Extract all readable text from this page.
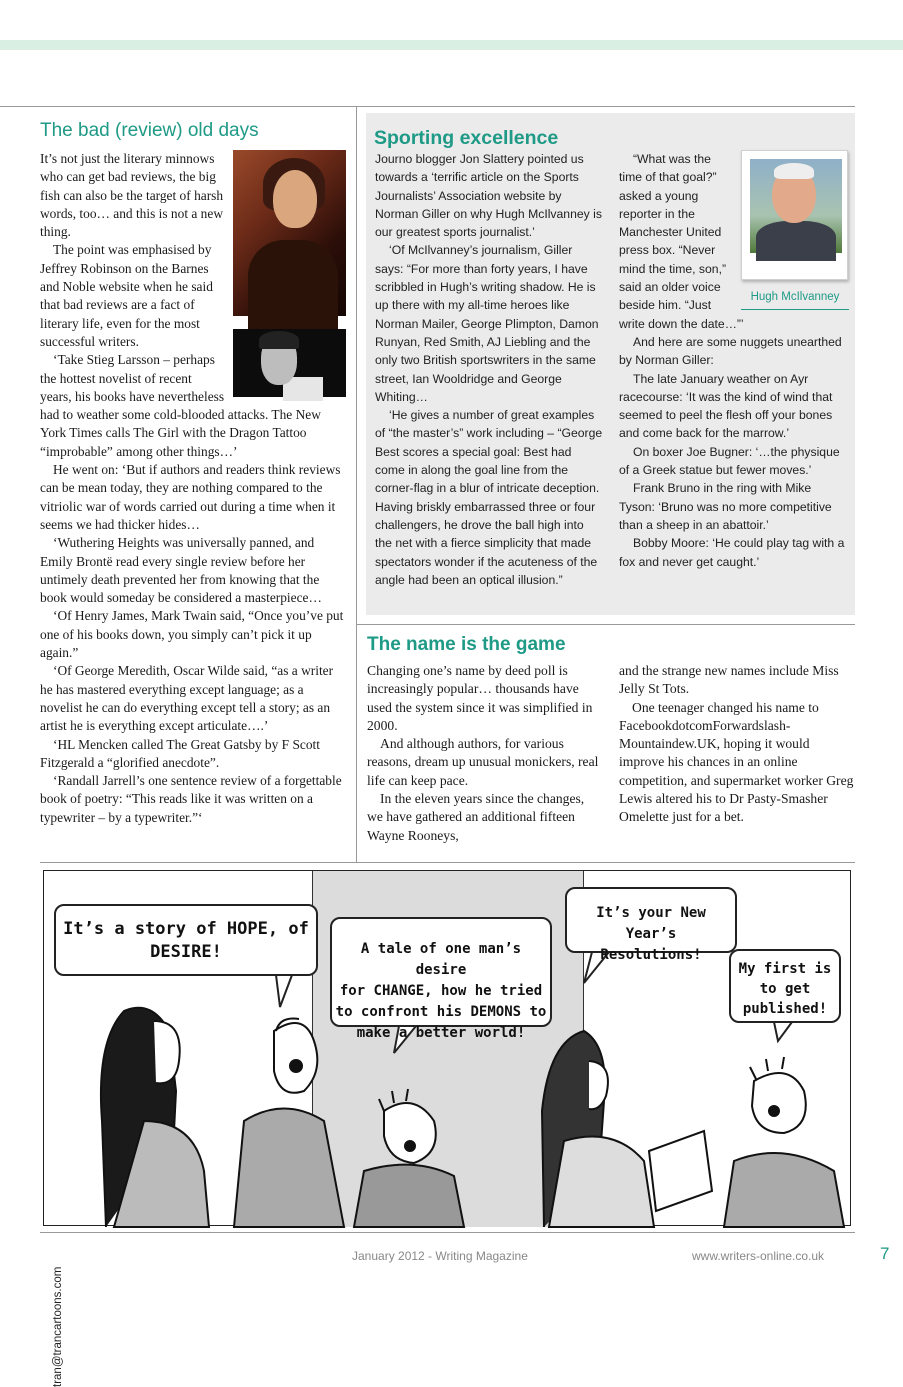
The bad (review) old days

It’s not just the literary minnows who can get bad reviews, the big fish can also be the target of harsh words, too… and this is not a new thing.

The point was emphasised by Jeffrey Robinson on the Barnes and Noble website when he said that bad reviews are a fact of literary life, even for the most successful writers.

‘Take Stieg Larsson – perhaps the hottest novelist of recent years, his books have nevertheless had to weather some cold-blooded attacks. The New York Times calls The Girl with the Dragon Tattoo “improbable” among other things…’

He went on: ‘But if authors and readers think reviews can be mean today, they are nothing compared to the vitriolic war of words carried out during a time when it seems we had thicker hides…

‘Wuthering Heights was universally panned, and Emily Brontë read every single review before her untimely death prevented her from knowing that the book would someday be considered a masterpiece…

‘Of Henry James, Mark Twain said, “Once you’ve put one of his books down, you simply can’t pick it up again.”

‘Of George Meredith, Oscar Wilde said, “as a writer he has mastered everything except language; as a novelist he can do everything except tell a story; as an artist he is everything except articulate….’

‘HL Mencken called The Great Gatsby by F Scott Fitzgerald a “glorified anecdote”.

‘Randall Jarrell’s one sentence review of a forgettable book of poetry: “This reads like it was written on a typewriter – by a typewriter.”‘

Sporting excellence

Journo blogger Jon Slattery pointed us towards a ‘terrific article on the Sports Journalists’ Association website by Norman Giller on why Hugh McIlvanney is our greatest sports journalist.’

‘Of McIlvanney’s journalism, Giller says: “For more than forty years, I have scribbled in Hugh’s writing shadow. He is up there with my all-time heroes like Norman Mailer, George Plimpton, Damon Runyan, Red Smith, AJ Liebling and the only two British sportswriters in the same street, Ian Wooldridge and George Whiting…

‘He gives a number of great examples of “the master’s” work including – “George Best scores a special goal: Best had come in along the goal line from the corner-flag in a blur of intricate deception. Having briskly embarrassed three or four challengers, he drove the ball high into the net with a fierce simplicity that made spectators wonder if the acuteness of the angle had been an optical illusion.”

Hugh McIlvanney

“What was the time of that goal?” asked a young reporter in the Manchester United press box. “Never mind the time, son,” said an older voice beside him. “Just write down the date…”’

And here are some nuggets unearthed by Norman Giller:

The late January weather on Ayr racecourse: ‘It was the kind of wind that seemed to peel the flesh off your bones and come back for the marrow.’

On boxer Joe Bugner: ‘…the physique of a Greek statue but fewer moves.’

Frank Bruno in the ring with Mike Tyson: ‘Bruno was no more competitive than a sheep in an abattoir.’

Bobby Moore: ‘He could play tag with a fox and never get caught.’

The name is the game

Changing one’s name by deed poll is increasingly popular… thousands have used the system since it was simplified in 2000.

And although authors, for various reasons, dream up unusual monickers, real life can keep pace.

In the eleven years since the changes, we have gathered an additional fifteen Wayne Rooneys,

and the strange new names include Miss Jelly St Tots.

One teenager changed his name to FacebookdotcomForwardslash-Mountaindew.UK, hoping it would improve his chances in an online competition, and supermarket worker Greg Lewis altered his to Dr Pasty-Smasher Omelette just for a bet.

It’s a story of HOPE, of
DESIRE!	A tale of one man’s desire
for CHANGE, how he tried
to confront his DEMONS to
make a better world!
It’s your New Year’s
Resolutions!
My first is
to get
published!
tran@trancartoons.com
January 2012 - Writing Magazine	www.writers-online.co.uk	7
